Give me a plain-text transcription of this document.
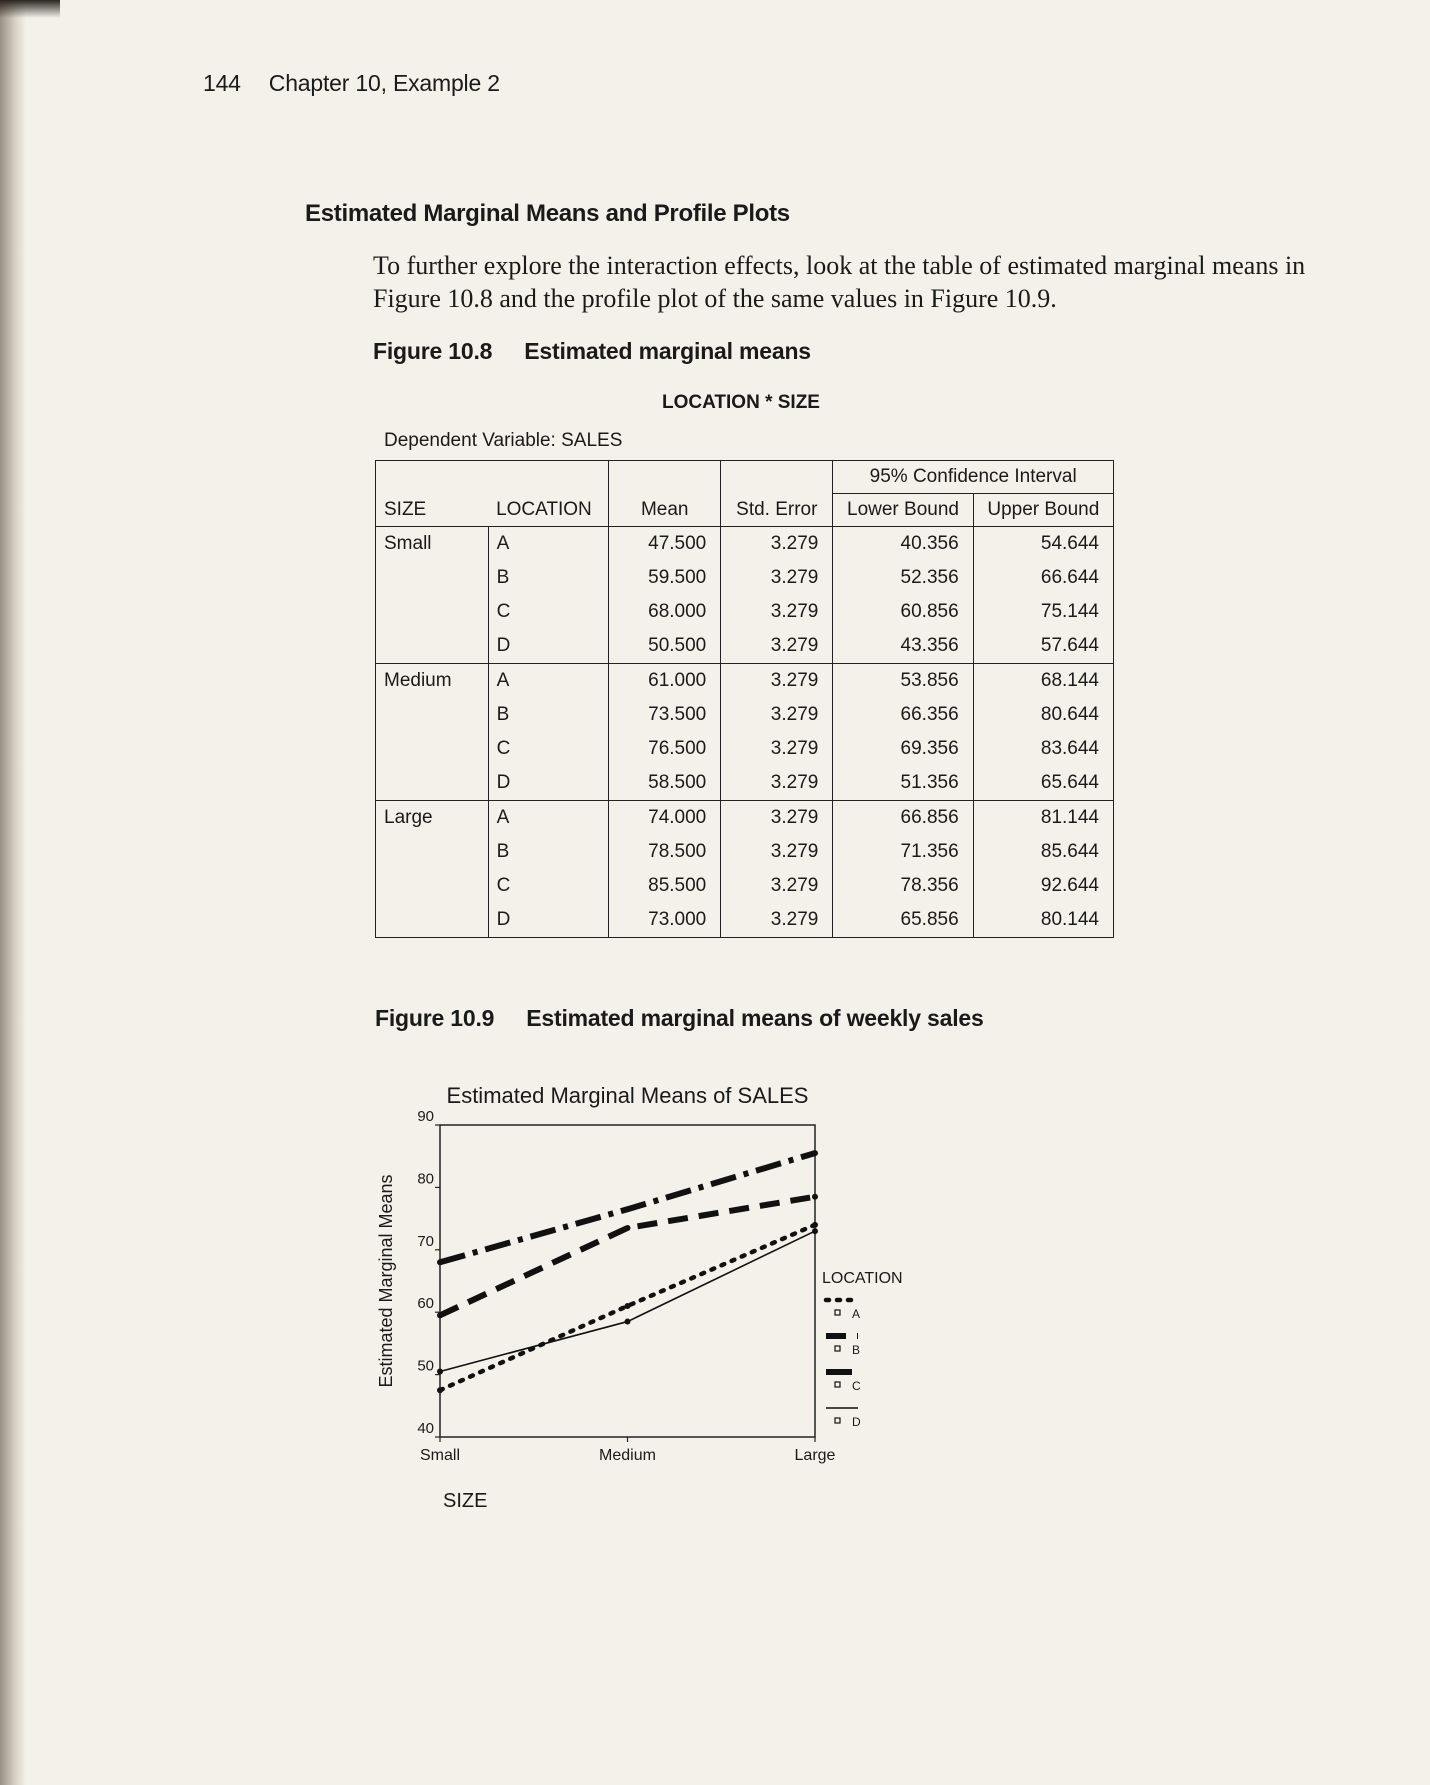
144 Chapter 10, Example 2
Estimated Marginal Means and Profile Plots
To further explore the interaction effects, look at the table of estimated marginal means in Figure 10.8 and the profile plot of the same values in Figure 10.9.
Figure 10.8 Estimated marginal means
LOCATION * SIZE
Dependent Variable: SALES
				95% Confidence Interval	
SIZE	LOCATION	Mean	Std. Error	Lower Bound	Upper Bound
Small	A	47.500	3.279	40.356	54.644
	B	59.500	3.279	52.356	66.644
	C	68.000	3.279	60.856	75.144
	D	50.500	3.279	43.356	57.644
Medium	A	61.000	3.279	53.856	68.144
	B	73.500	3.279	66.356	80.644
	C	76.500	3.279	69.356	83.644
	D	58.500	3.279	51.356	65.644
Large	A	74.000	3.279	66.856	81.144
	B	78.500	3.279	71.356	85.644
	C	85.500	3.279	78.356	92.644
	D	73.000	3.279	65.856	80.144
Figure 10.9 Estimated marginal means of weekly sales
Estimated Marginal Means of SALES
40
50
60
70
80
90
Small	Medium	Large
Estimated Marginal Means
SIZE
LOCATION
A
B
C
D
